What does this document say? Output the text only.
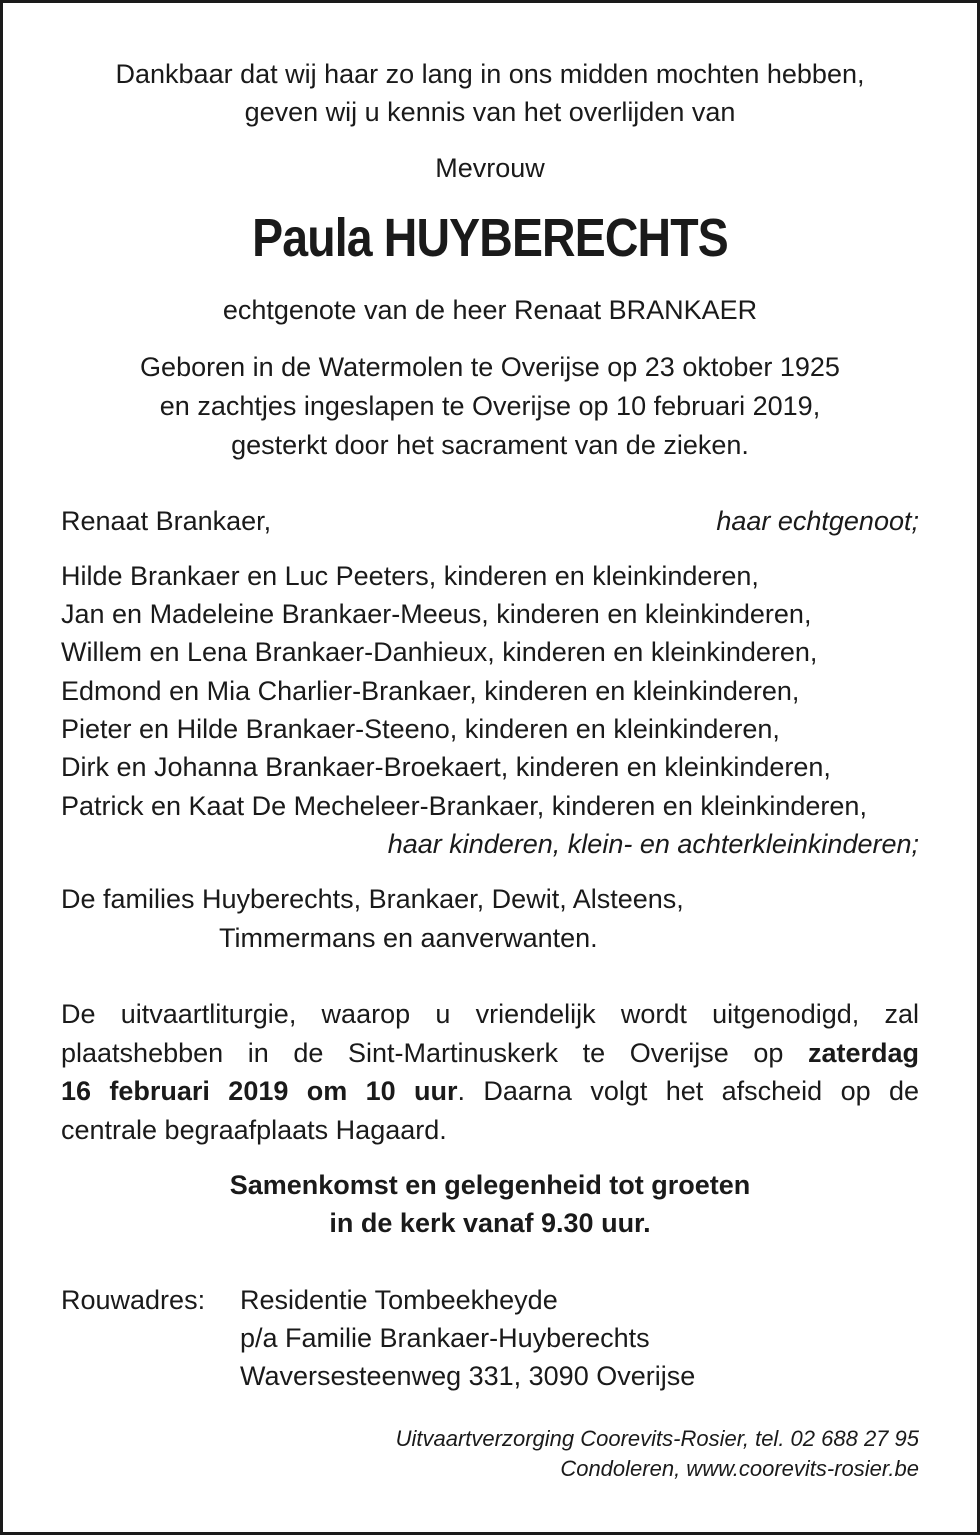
Dankbaar dat wij haar zo lang in ons midden mochten hebben,
geven wij u kennis van het overlijden van
Mevrouw
Paula HUYBERECHTS
echtgenote van de heer Renaat BRANKAER
Geboren in de Watermolen te Overijse op 23 oktober 1925
en zachtjes ingeslapen te Overijse op 10 februari 2019,
gesterkt door het sacrament van de zieken.
Renaat Brankaer,	haar echtgenoot;
Hilde Brankaer en Luc Peeters, kinderen en kleinkinderen,
Jan en Madeleine Brankaer-Meeus, kinderen en kleinkinderen,
Willem en Lena Brankaer-Danhieux, kinderen en kleinkinderen,
Edmond en Mia Charlier-Brankaer, kinderen en kleinkinderen,
Pieter en Hilde Brankaer-Steeno, kinderen en kleinkinderen,
Dirk en Johanna Brankaer-Broekaert, kinderen en kleinkinderen,
Patrick en Kaat De Mecheleer-Brankaer, kinderen en kleinkinderen,
haar kinderen, klein- en achterkleinkinderen;
De families Huyberechts, Brankaer, Dewit, Alsteens,
Timmermans en aanverwanten.
De uitvaartliturgie, waarop u vriendelijk wordt uitgenodigd, zal
plaatshebben in de Sint-Martinuskerk te Overijse op zaterdag
16 februari 2019 om 10 uur. Daarna volgt het afscheid op de
centrale begraafplaats Hagaard.
Samenkomst en gelegenheid tot groeten
in de kerk vanaf 9.30 uur.
Rouwadres: Residentie Tombeekheyde
p/a Familie Brankaer-Huyberechts
Waversesteenweg 331, 3090 Overijse
Uitvaartverzorging Coorevits-Rosier, tel. 02 688 27 95
Condoleren, www.coorevits-rosier.be
